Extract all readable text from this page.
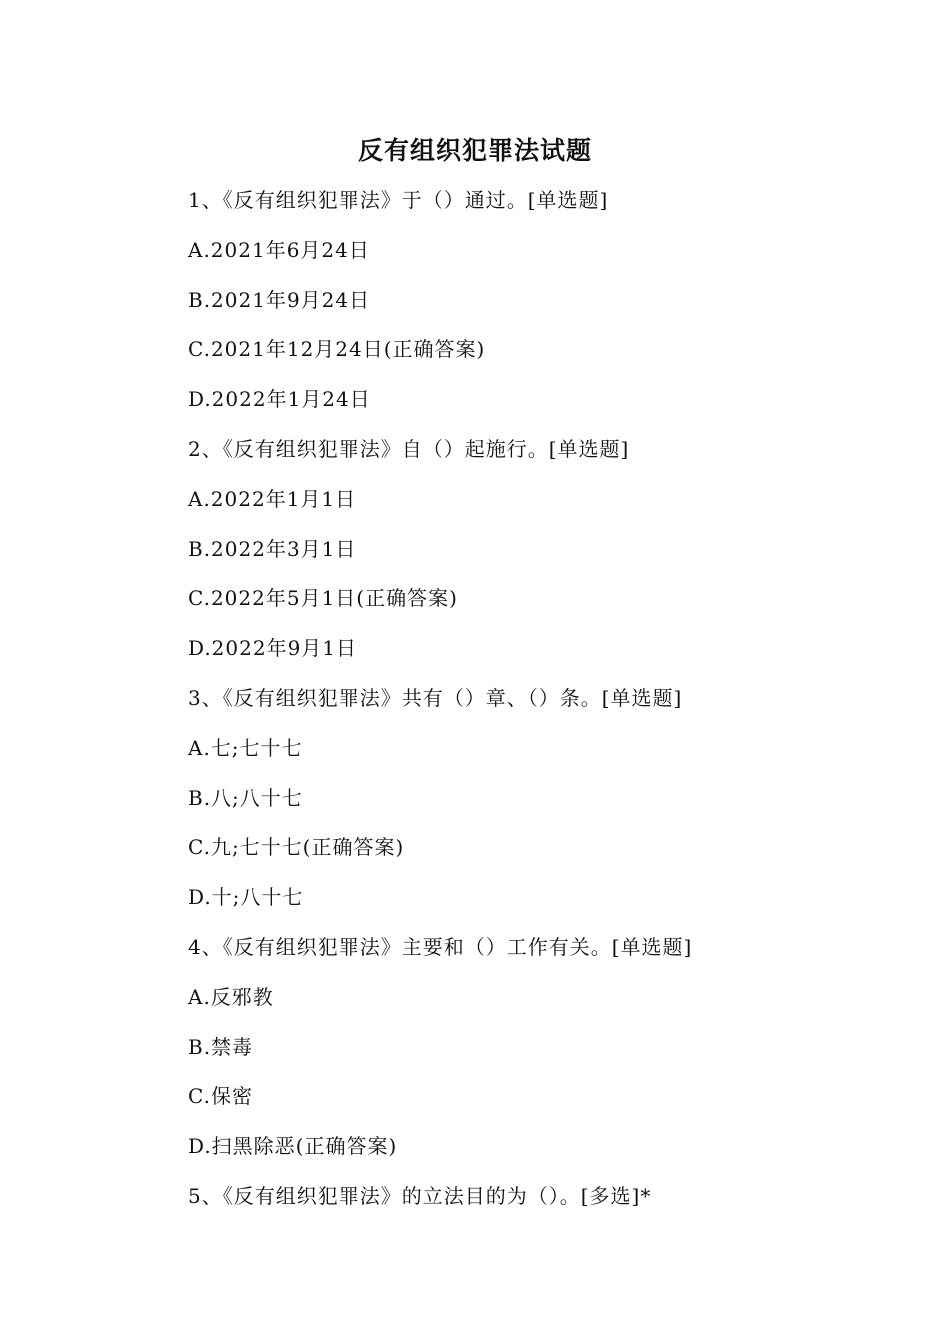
反有组织犯罪法试题
1、《反有组织犯罪法》于（）通过。[单选题]
A.2021年6月24日
B.2021年9月24日
C.2021年12月24日(正确答案)
D.2022年1月24日
2、《反有组织犯罪法》自（）起施行。[单选题]
A.2022年1月1日
B.2022年3月1日
C.2022年5月1日(正确答案)
D.2022年9月1日
3、《反有组织犯罪法》共有（）章、（）条。[单选题]
A.七;七十七
B.八;八十七
C.九;七十七(正确答案)
D.十;八十七
4、《反有组织犯罪法》主要和（）工作有关。[单选题]
A.反邪教
B.禁毒
C.保密
D.扫黑除恶(正确答案)
5、《反有组织犯罪法》的立法目的为（）。[多选]*
